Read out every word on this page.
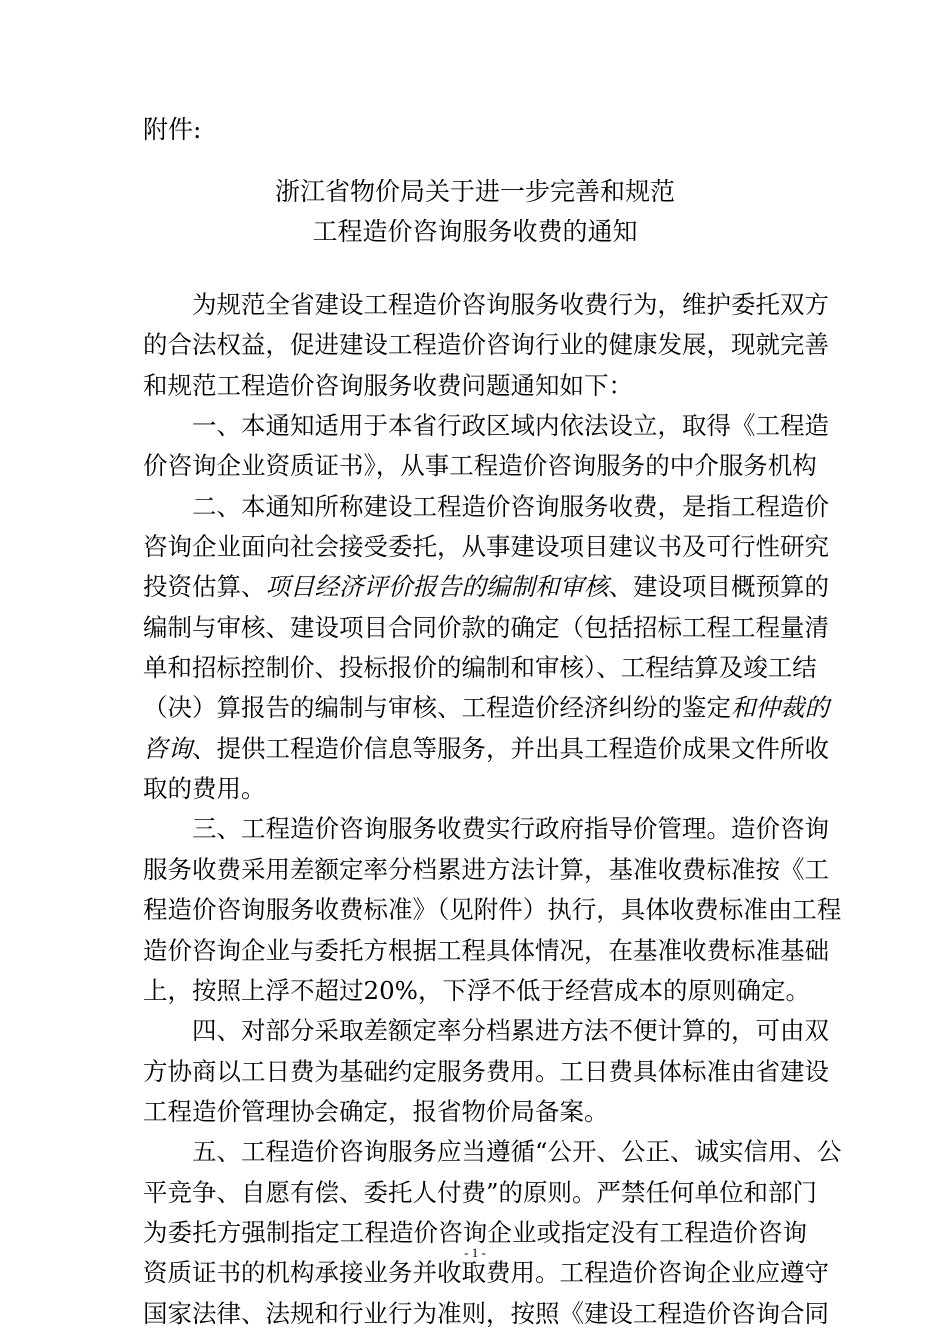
附件:
浙江省物价局关于进一步完善和规范
工程造价咨询服务收费的通知
为规范全省建设工程造价咨询服务收费行为，维护委托双方
的合法权益，促进建设工程造价咨询行业的健康发展，现就完善
和规范工程造价咨询服务收费问题通知如下：
一、本通知适用于本省行政区域内依法设立，取得《工程造
价咨询企业资质证书》，从事工程造价咨询服务的中介服务机构
二、本通知所称建设工程造价咨询服务收费，是指工程造价
咨询企业面向社会接受委托，从事建设项目建议书及可行性研究
投资估算、项目经济评价报告的编制和审核、建设项目概预算的
编制与审核、建设项目合同价款的确定（包括招标工程工程量清
单和招标控制价、投标报价的编制和审核）、工程结算及竣工结
（决）算报告的编制与审核、工程造价经济纠纷的鉴定和仲裁的
咨询、提供工程造价信息等服务，并出具工程造价成果文件所收
取的费用。
三、工程造价咨询服务收费实行政府指导价管理。造价咨询
服务收费采用差额定率分档累进方法计算，基准收费标准按《工
程造价咨询服务收费标准》（见附件）执行，具体收费标准由工程
造价咨询企业与委托方根据工程具体情况，在基准收费标准基础
上，按照上浮不超过20%，下浮不低于经营成本的原则确定。
四、对部分采取差额定率分档累进方法不便计算的，可由双
方协商以工日费为基础约定服务费用。工日费具体标准由省建设
工程造价管理协会确定，报省物价局备案。
五、工程造价咨询服务应当遵循“公开、公正、诚实信用、公
平竞争、自愿有偿、委托人付费”的原则。严禁任何单位和部门
为委托方强制指定工程造价咨询企业或指定没有工程造价咨询
资质证书的机构承接业务并收取费用。工程造价咨询企业应遵守
国家法律、法规和行业行为准则，按照《建设工程造价咨询合同
- 1 -
